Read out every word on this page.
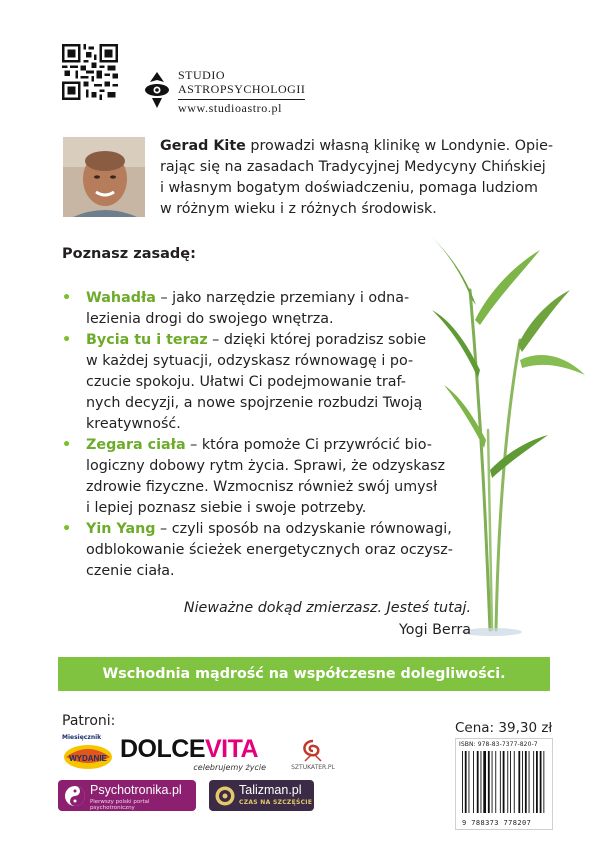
STUDIO
ASTROPSYCHOLOGII
www.studioastro.pl
Gerad Kite prowadzi własną klinikę w Londynie. Opie-
rając się na zasadach Tradycyjnej Medycyny Chińskiej
i własnym bogatym doświadczeniu, pomaga ludziom
w różnym wieku i z różnych środowisk.
Poznasz zasadę:
• Wahadła – jako narzędzie przemiany i odna-
lezienia drogi do swojego wnętrza.
• Bycia tu i teraz – dzięki której poradzisz sobie
w każdej sytuacji, odzyskasz równowagę i po-
czucie spokoju. Ułatwi Ci podejmowanie traf-
nych decyzji, a nowe spojrzenie rozbudzi Twoją
kreatywność.
• Zegara ciała – która pomoże Ci przywrócić bio-
logiczny dobowy rytm życia. Sprawi, że odzyskasz
zdrowie fizyczne. Wzmocnisz również swój umysł
i lepiej poznasz siebie i swoje potrzeby.
• Yin Yang – czyli sposób na odzyskanie równowagi,
odblokowanie ścieżek energetycznych oraz oczysz-
czenie ciała.
Nieważne dokąd zmierzasz. Jesteś tutaj.
Yogi Berra
Wschodnia mądrość na współczesne dolegliwości.
Patroni:
WYDANIE
Miesięcznik DOLCEVITA
celebrujemy życie	SZTUKATER.PL
Psychotronika.pl
Pierwszy polski portal psychotroniczny
Talizman.pl
CZAS NA SZCZĘŚCIE
Cena: 39,30 zł
ISBN: 978-83-7377-820-7
9 788373 778207
